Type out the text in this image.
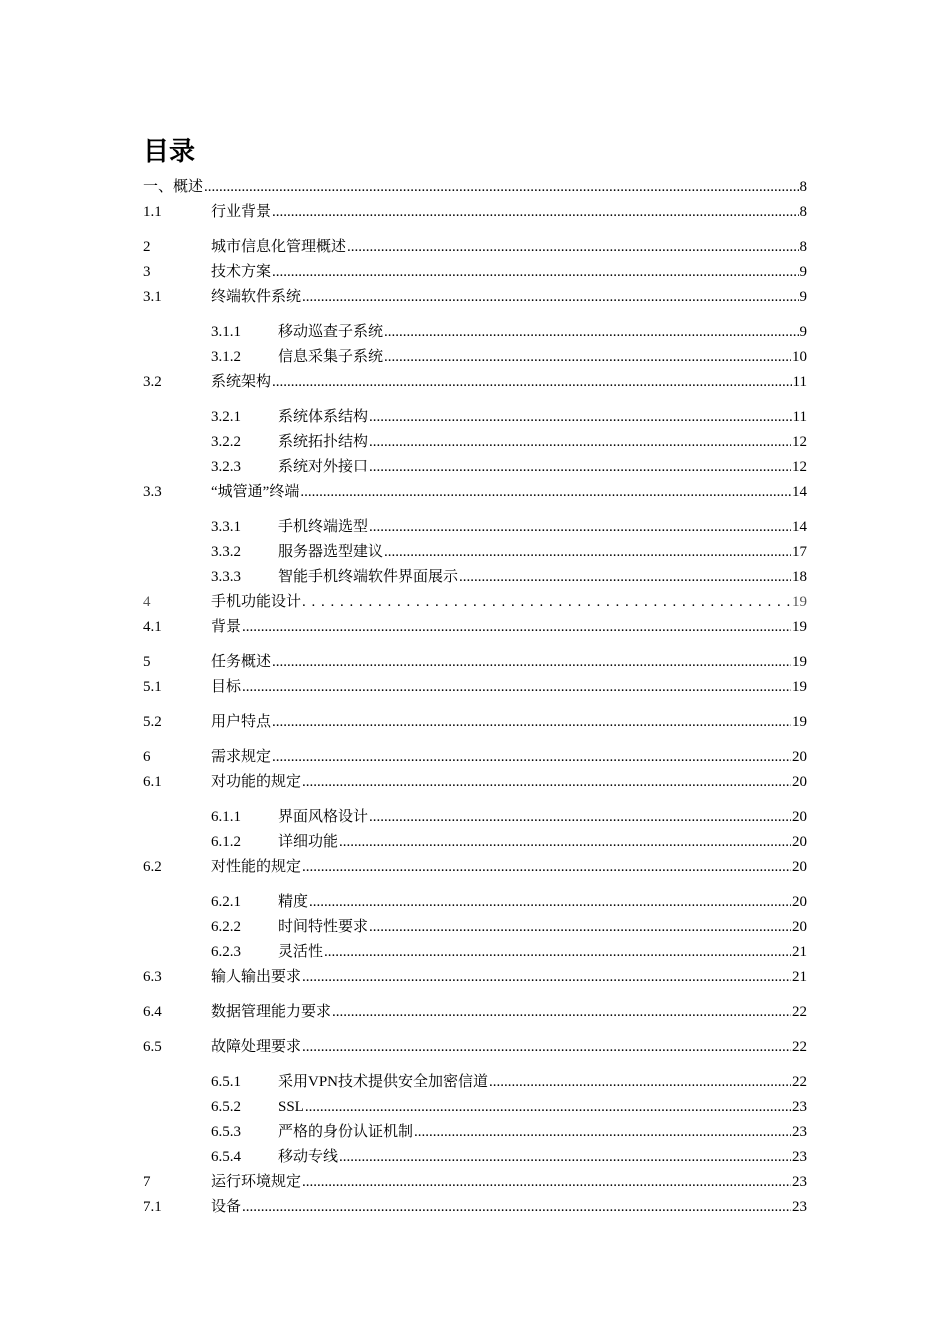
目录
一、概述 .....	8
1.1	行业背景 .....	8
2	城市信息化管理概述 .....	8
3	技术方案 .....	9
3.1	终端软件系统 .....	9
3.1.1	移动巡查子系统 .....	9
3.1.2	信息采集子系统 .....	10
3.2	系统架构 .....	11
3.2.1	系统体系结构 .....	11
3.2.2	系统拓扑结构 .....	12
3.2.3	系统对外接口 .....	12
3.3	“城管通”终端 .....	14
3.3.1	手机终端选型 .....	14
3.3.2	服务器选型建议 .....	17
3.3.3	智能手机终端软件界面展示 .....	18
4	手机功能设计 . . .	19
4.1	背景 .....	19
5	任务概述 .....	19
5.1	目标 .....	19
5.2	用户特点 .....	19
6	需求规定 .....	20
6.1	对功能的规定 .....	20
6.1.1	界面风格设计 .....	20
6.1.2	详细功能 .....	20
6.2	对性能的规定 .....	20
6.2.1	精度 .....	20
6.2.2	时间特性要求 .....	20
6.2.3	灵活性 .....	21
6.3	输人输出要求 .....	21
6.4	数据管理能力要求 .....	22
6.5	故障处理要求 .....	22
6.5.1	采用VPN技术提供安全加密信道 .....	22
6.5.2	SSL .....	23
6.5.3	严格的身份认证机制 .....	23
6.5.4	移动专线 .....	23
7	运行环境规定 .....	23
7.1	设备 .....	23
